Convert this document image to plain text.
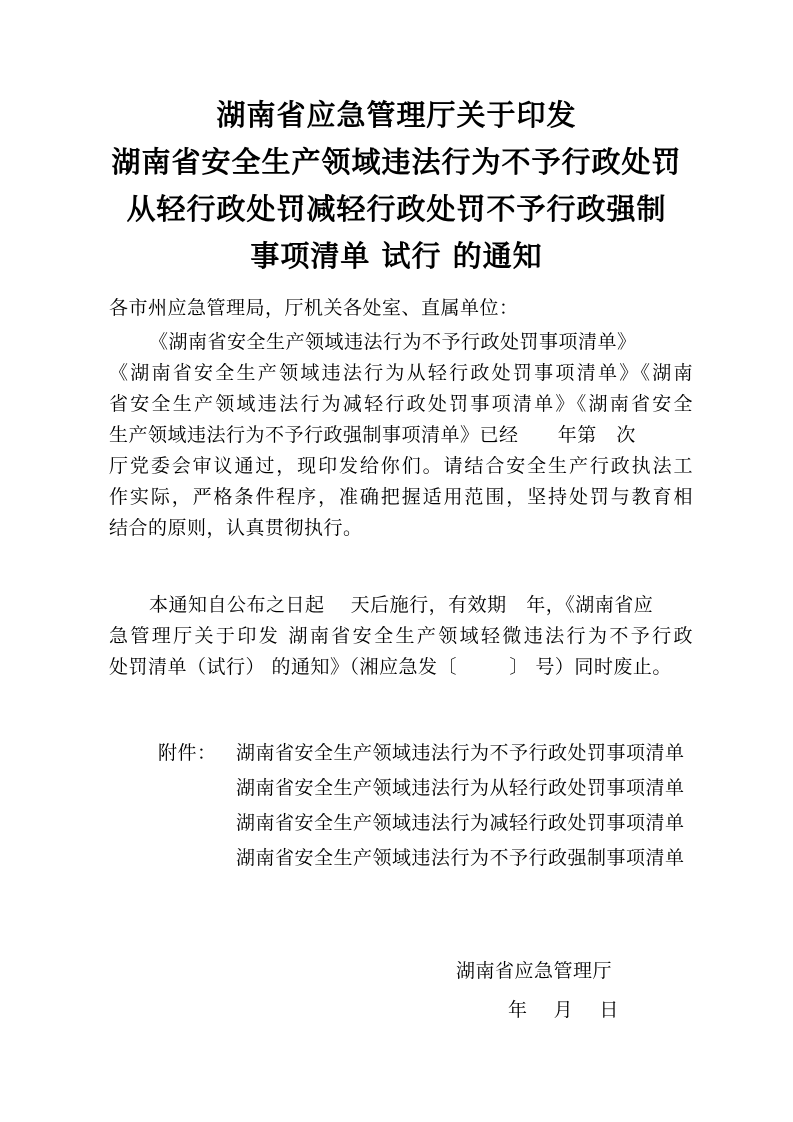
湖南省应急管理厅关于印发
湖南省安全生产领域违法行为不予行政处罚
从轻行政处罚减轻行政处罚不予行政强制
事项清单 试行 的通知
各市州应急管理局，厅机关各处室、直属单位：
《湖南省安全生产领域违法行为不予行政处罚事项清单》
《湖南省安全生产领域违法行为从轻行政处罚事项清单》《湖南
省安全生产领域违法行为减轻行政处罚事项清单》《湖南省安全
生产领域违法行为不予行政强制事项清单》已经      年第   次
厅党委会审议通过，现印发给你们。请结合安全生产行政执法工
作实际，严格条件程序，准确把握适用范围，坚持处罚与教育相
结合的原则，认真贯彻执行。
本通知自公布之日起    天后施行，有效期   年，《湖南省应
急管理厅关于印发 湖南省安全生产领域轻微违法行为不予行政
处罚清单（试行） 的通知》（湘应急发〔        〕 号）同时废止。
附件： 湖南省安全生产领域违法行为不予行政处罚事项清单
湖南省安全生产领域违法行为从轻行政处罚事项清单
湖南省安全生产领域违法行为减轻行政处罚事项清单
湖南省安全生产领域违法行为不予行政强制事项清单
湖南省应急管理厅
年    月    日
